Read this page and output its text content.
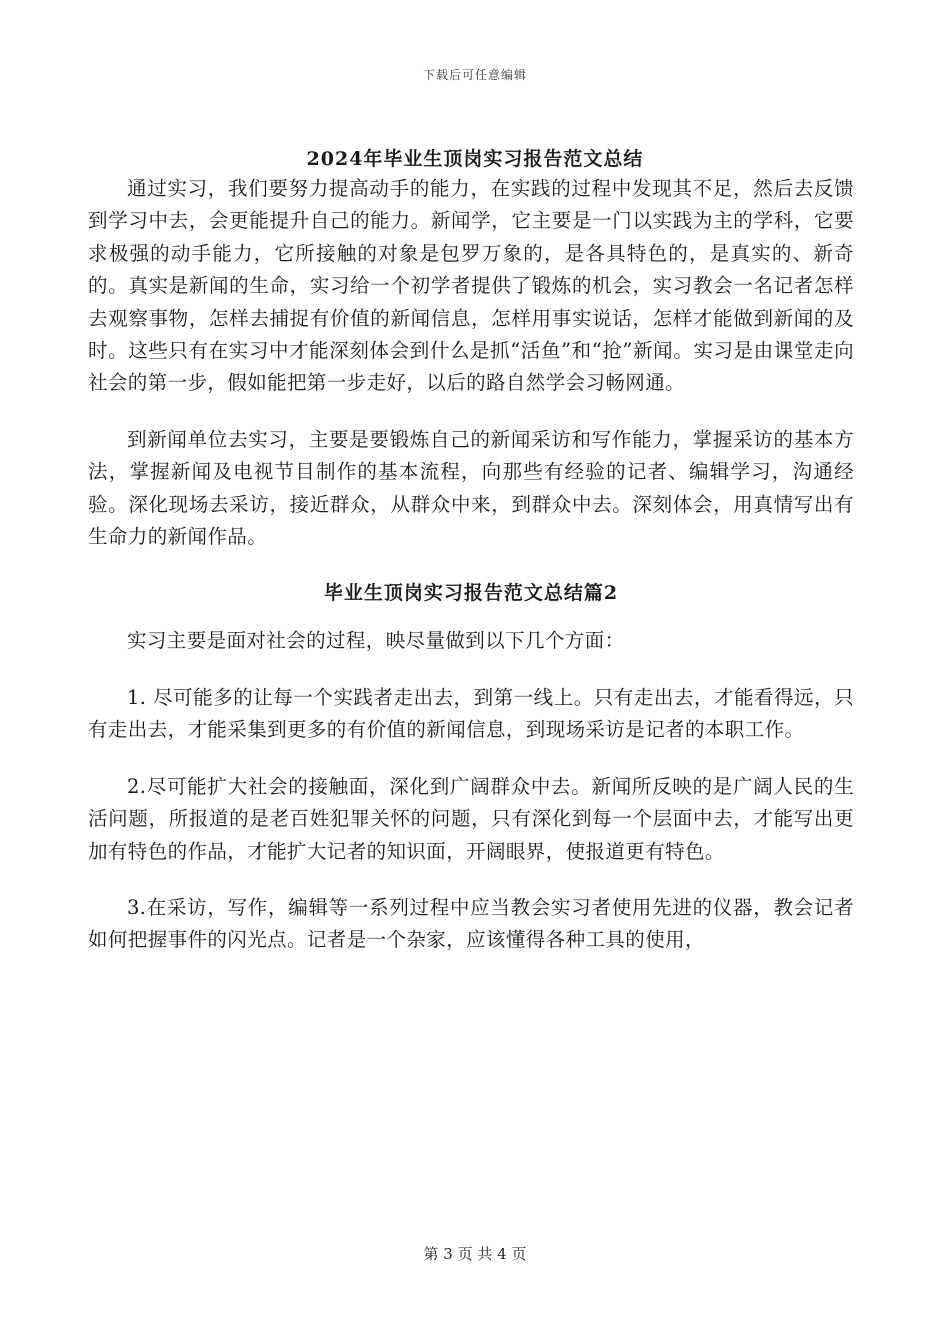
下载后可任意编辑
2024年毕业生顶岗实习报告范文总结

通过实习，我们要努力提高动手的能力，在实践的过程中发现其不足，然后去反馈到学习中去，会更能提升自己的能力。新闻学，它主要是一门以实践为主的学科，它要求极强的动手能力，它所接触的对象是包罗万象的，是各具特色的，是真实的、新奇的。真实是新闻的生命，实习给一个初学者提供了锻炼的机会，实习教会一名记者怎样去观察事物，怎样去捕捉有价值的新闻信息，怎样用事实说话，怎样才能做到新闻的及时。这些只有在实习中才能深刻体会到什么是抓“活鱼”和“抢”新闻。实习是由课堂走向社会的第一步，假如能把第一步走好，以后的路自然学会习畅网通。

到新闻单位去实习，主要是要锻炼自己的新闻采访和写作能力，掌握采访的基本方法，掌握新闻及电视节目制作的基本流程，向那些有经验的记者、编辑学习，沟通经验。深化现场去采访，接近群众，从群众中来，到群众中去。深刻体会，用真情写出有生命力的新闻作品。

毕业生顶岗实习报告范文总结篇2

实习主要是面对社会的过程，映尽量做到以下几个方面：

1. 尽可能多的让每一个实践者走出去，到第一线上。只有走出去，才能看得远，只有走出去，才能采集到更多的有价值的新闻信息，到现场采访是记者的本职工作。

2.尽可能扩大社会的接触面，深化到广阔群众中去。新闻所反映的是广阔人民的生活问题，所报道的是老百姓犯罪关怀的问题，只有深化到每一个层面中去，才能写出更加有特色的作品，才能扩大记者的知识面，开阔眼界，使报道更有特色。

3.在采访，写作，编辑等一系列过程中应当教会实习者使用先进的仪器，教会记者如何把握事件的闪光点。记者是一个杂家，应该懂得各种工具的使用，

第 3 页 共 4 页
